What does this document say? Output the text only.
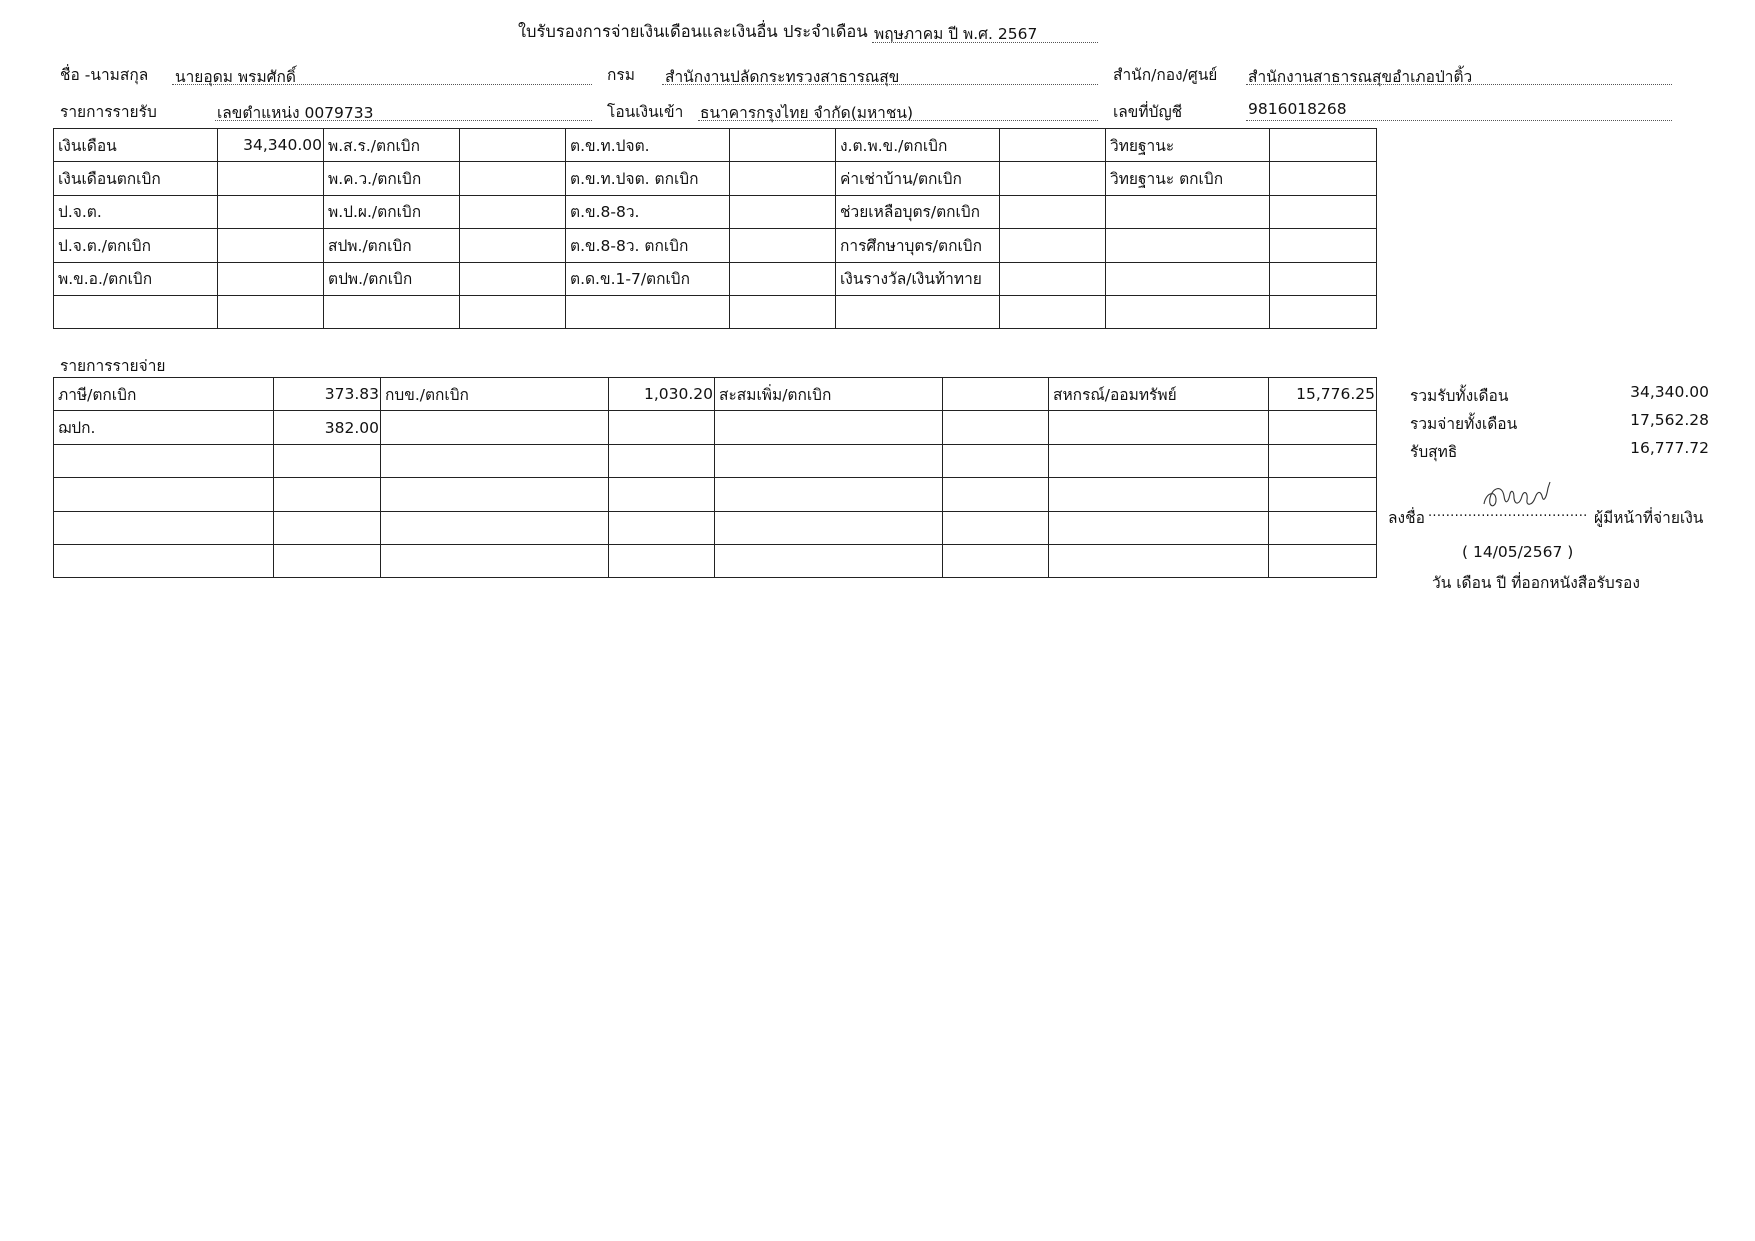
ใบรับรองการจ่ายเงินเดือนและเงินอื่น ประจำเดือน พฤษภาคม ปี พ.ศ. 2567
ชื่อ -นามสกุล นายอุดม พรมศักดิ์	กรม สำนักงานปลัดกระทรวงสาธารณสุข	สำนัก/กอง/ศูนย์ สำนักงานสาธารณสุขอำเภอป่าติ้ว
รายการรายรับ	เลขตำแหน่ง 0079733	โอนเงินเข้า ธนาคารกรุงไทย จำกัด(มหาชน)	เลขที่บัญชี	9816018268
เงินเดือน	34,340.00	พ.ส.ร./ตกเบิก		ต.ข.ท.ปจต.		ง.ต.พ.ข./ตกเบิก		วิทยฐานะ	
เงินเดือนตกเบิก		พ.ค.ว./ตกเบิก		ต.ข.ท.ปจต. ตกเบิก		ค่าเช่าบ้าน/ตกเบิก		วิทยฐานะ ตกเบิก	
ป.จ.ต.		พ.ป.ผ./ตกเบิก		ต.ข.8-8ว.		ช่วยเหลือบุตร/ตกเบิก			
ป.จ.ต./ตกเบิก		สปพ./ตกเบิก		ต.ข.8-8ว. ตกเบิก		การศึกษาบุตร/ตกเบิก			
พ.ข.อ./ตกเบิก		ตปพ./ตกเบิก		ต.ด.ข.1-7/ตกเบิก		เงินรางวัล/เงินท้าทาย			

รายการรายจ่าย
ภาษี/ตกเบิก	373.83	กบข./ตกเบิก	1,030.20	สะสมเพิ่ม/ตกเบิก		สหกรณ์/ออมทรัพย์	15,776.25
ฌปก.	382.00						

รวมรับทั้งเดือน	34,340.00
รวมจ่ายทั้งเดือน	17,562.28
รับสุทธิ	16,777.72
ลงชื่อ .................................... ผู้มีหน้าที่จ่ายเงิน
( 14/05/2567 )
วัน เดือน ปี ที่ออกหนังสือรับรอง
